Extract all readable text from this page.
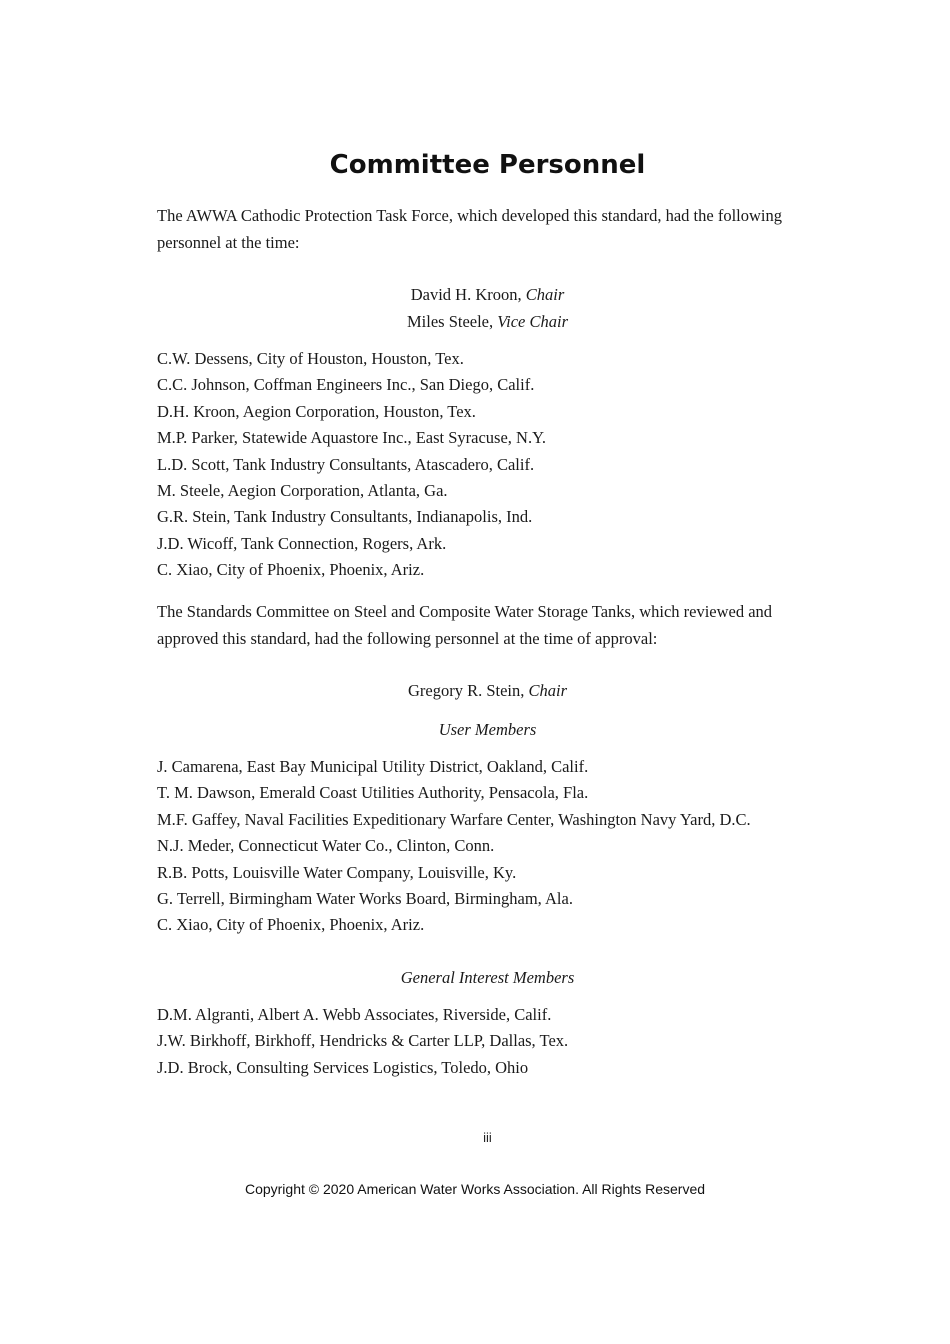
Committee Personnel

The AWWA Cathodic Protection Task Force, which developed this standard, had the following personnel at the time:

David H. Kroon, Chair

Miles Steele, Vice Chair

C.W. Dessens, City of Houston, Houston, Tex.
C.C. Johnson, Coffman Engineers Inc., San Diego, Calif.
D.H. Kroon, Aegion Corporation, Houston, Tex.
M.P. Parker, Statewide Aquastore Inc., East Syracuse, N.Y.
L.D. Scott, Tank Industry Consultants, Atascadero, Calif.
M. Steele, Aegion Corporation, Atlanta, Ga.
G.R. Stein, Tank Industry Consultants, Indianapolis, Ind.
J.D. Wicoff, Tank Connection, Rogers, Ark.
C. Xiao, City of Phoenix, Phoenix, Ariz.

The Standards Committee on Steel and Composite Water Storage Tanks, which reviewed and approved this standard, had the following personnel at the time of approval:

Gregory R. Stein, Chair

User Members

J. Camarena, East Bay Municipal Utility District, Oakland, Calif.
T. M. Dawson, Emerald Coast Utilities Authority, Pensacola, Fla.
M.F. Gaffey, Naval Facilities Expeditionary Warfare Center, Washington Navy Yard, D.C.
N.J. Meder, Connecticut Water Co., Clinton, Conn.
R.B. Potts, Louisville Water Company, Louisville, Ky.
G. Terrell, Birmingham Water Works Board, Birmingham, Ala.
C. Xiao, City of Phoenix, Phoenix, Ariz.

General Interest Members

D.M. Algranti, Albert A. Webb Associates, Riverside, Calif.
J.W. Birkhoff, Birkhoff, Hendricks & Carter LLP, Dallas, Tex.
J.D. Brock, Consulting Services Logistics, Toledo, Ohio
iii
Copyright © 2020 American Water Works Association. All Rights Reserved
